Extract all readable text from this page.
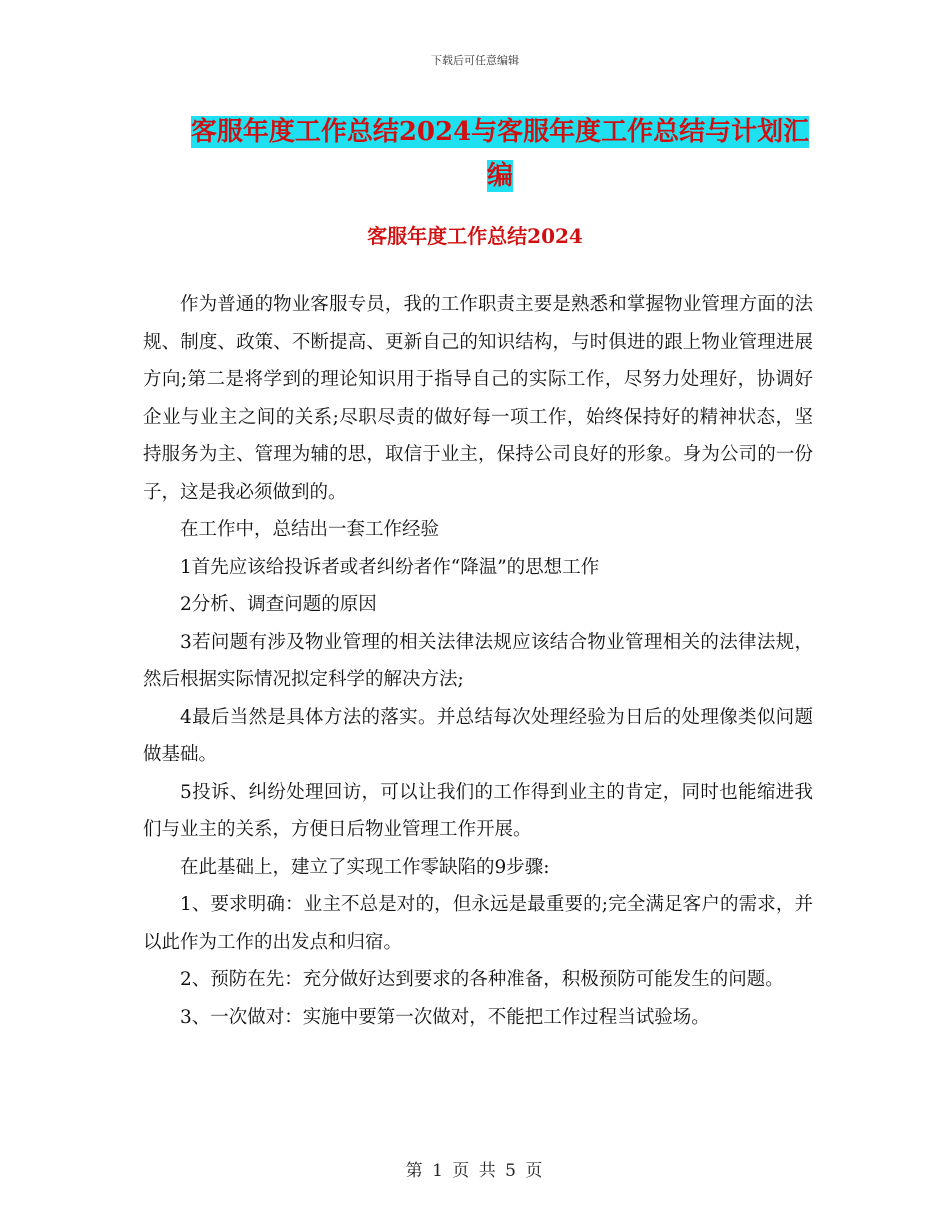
下载后可任意编辑
客服年度工作总结2024与客服年度工作总结与计划汇
编
客服年度工作总结2024

作为普通的物业客服专员，我的工作职责主要是熟悉和掌握物业管理方面的法规、制度、政策、不断提高、更新自己的知识结构，与时俱进的跟上物业管理进展方向;第二是将学到的理论知识用于指导自己的实际工作，尽努力处理好，协调好企业与业主之间的关系;尽职尽责的做好每一项工作，始终保持好的精神状态，坚持服务为主、管理为辅的思，取信于业主，保持公司良好的形象。身为公司的一份子，这是我必须做到的。

在工作中，总结出一套工作经验

1首先应该给投诉者或者纠纷者作“降温”的思想工作

2分析、调查问题的原因

3若问题有涉及物业管理的相关法律法规应该结合物业管理相关的法律法规，然后根据实际情况拟定科学的解决方法;

4最后当然是具体方法的落实。并总结每次处理经验为日后的处理像类似问题做基础。

5投诉、纠纷处理回访，可以让我们的工作得到业主的肯定，同时也能缩进我们与业主的关系，方便日后物业管理工作开展。

在此基础上，建立了实现工作零缺陷的9步骤:

1、要求明确：业主不总是对的，但永远是最重要的;完全满足客户的需求，并以此作为工作的出发点和归宿。

2、预防在先：充分做好达到要求的各种准备，积极预防可能发生的问题。

3、一次做对：实施中要第一次做对，不能把工作过程当试验场。

第 1 页 共 5 页
